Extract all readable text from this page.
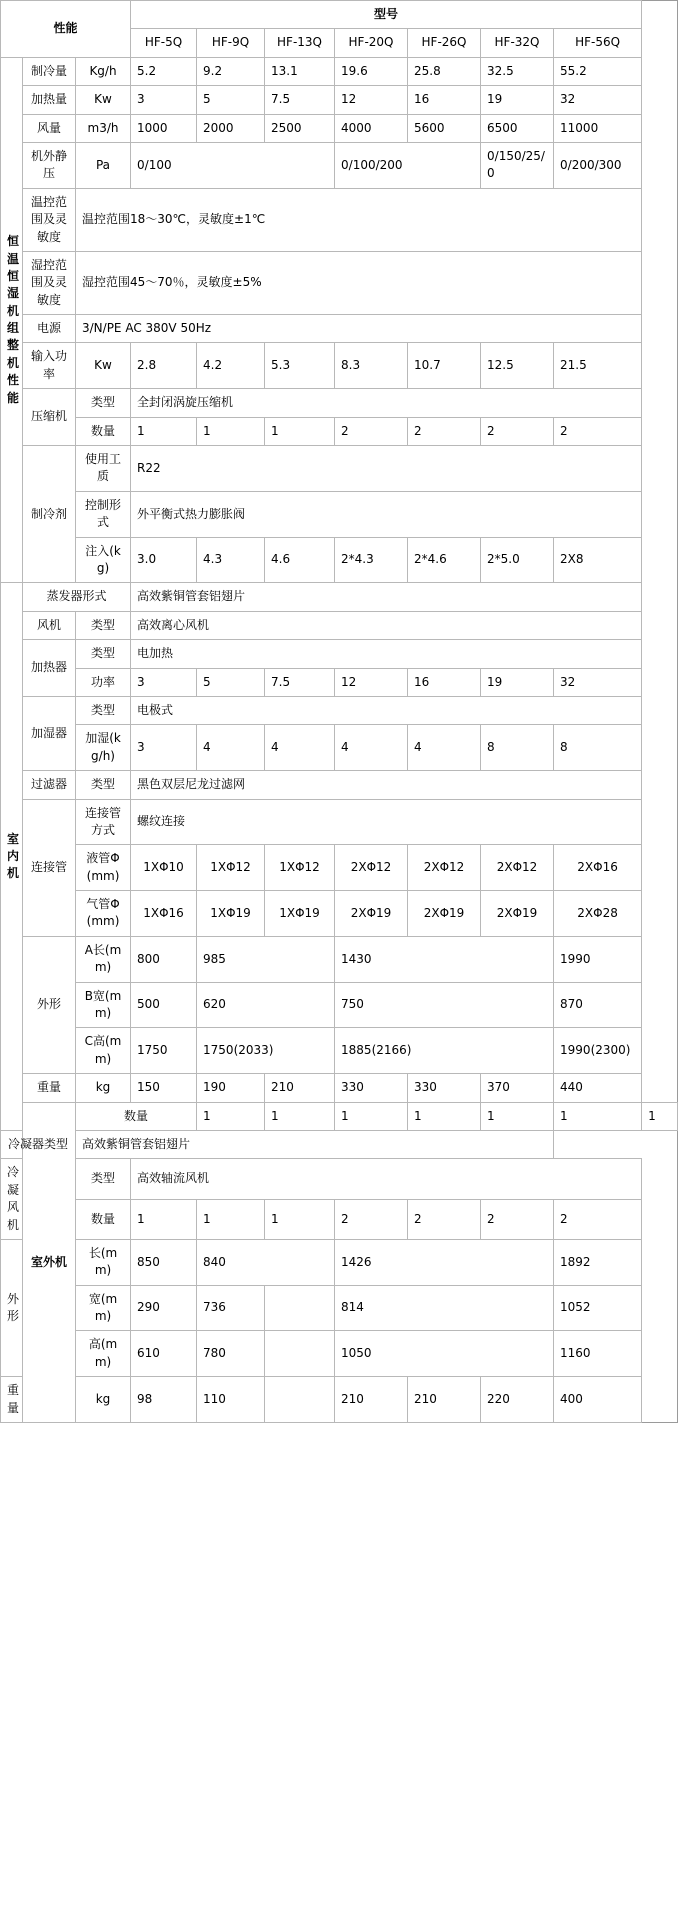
性能			型号							
			HF-5Q	HF-9Q	HF-13Q	HF-20Q	HF-26Q	HF-32Q	HF-56Q	
恒温恒湿机组整机性能	制冷量	Kg/h	5.2	9.2	13.1	19.6	25.8	32.5	55.2	
	加热量	Kw	3	5	7.5	12	16	19	32	
	风量	m3/h	1000	2000	2500	4000	5600	6500	11000	
	机外静压	Pa	0/100			0/100/200		0/150/25/0	0/200/300	
	温控范围及灵敏度	温控范围18～30℃，灵敏度±1℃								
	湿控范围及灵敏度	湿控范围45～70％，灵敏度±5%								
	电源	3/N/PE AC 380V 50Hz								
	输入功率	Kw	2.8	4.2	5.3	8.3	10.7	12.5	21.5	
	压缩机	类型	全封闭涡旋压缩机							
		数量	1	1	1	2	2	2	2	
	制冷剂	使用工质	R22							
		控制形式	外平衡式热力膨胀阀							
		注入(kg)	3.0	4.3	4.6	2*4.3	2*4.6	2*5.0	2X8	
室内机	蒸发器形式		高效紫铜管套铝翅片							
	风机	类型	高效离心风机							
	加热器	类型	电加热							
		功率	3	5	7.5	12	16	19	32	
	加湿器	类型	电极式							
		加湿(kg/h)	3	4	4	4	4	8	8	
	过滤器	类型	黑色双层尼龙过滤网							
	连接管	连接管方式	螺纹连接							
		液管Φ(mm)	1XΦ10	1XΦ12	1XΦ12	2XΦ12	2XΦ12	2XΦ12	2XΦ16	
		气管Φ(mm)	1XΦ16	1XΦ19	1XΦ19	2XΦ19	2XΦ19	2XΦ19	2XΦ28	
	外形	A长(mm)	800	985		1430			1990	
		B宽(mm)	500	620		750			870	
		C高(mm)	1750	1750(2033)		1885(2166)			1990(2300)	
	重量	kg	150	190	210	330	330	370	440	
	室外机	数量		1	1	1	1	1	1	1
冷凝器类型		高效紫铜管套铝翅片								
冷凝风机		类型	高效轴流风机							
		数量	1	1	1	2	2	2	2	
外形		长(mm)	850	840		1426			1892	
		宽(mm)	290	736		814			1052	
		高(mm)	610	780		1050			1160	
重量		kg	98	110		210	210	220	400	
